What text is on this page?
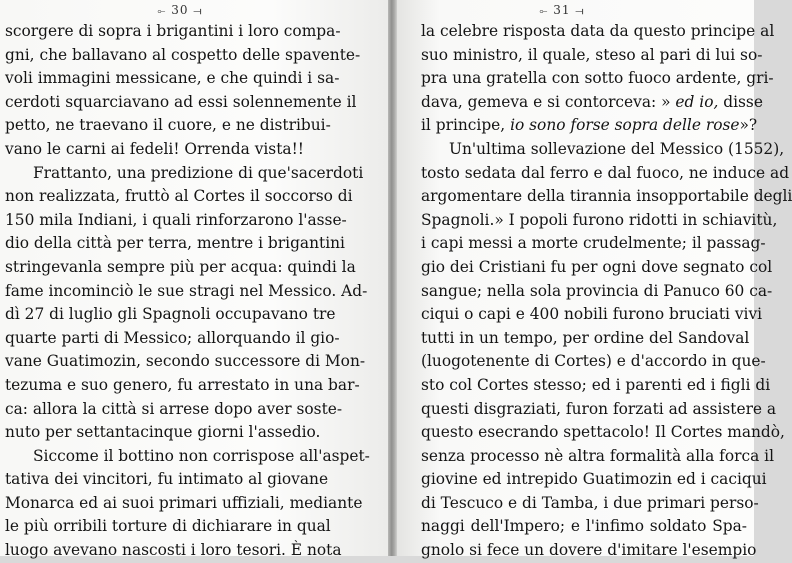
⟜ 30 ⟞
scorgere di sopra i brigantini i loro compa-
gni, che ballavano al cospetto delle spavente-
voli immagini messicane, e che quindi i sa-
cerdoti squarciavano ad essi solennemente il
petto, ne traevano il cuore, e ne distribui-
vano le carni ai fedeli! Orrenda vista!!
Frattanto, una predizione di que'sacerdoti
non realizzata, fruttò al Cortes il soccorso di
150 mila Indiani, i quali rinforzarono l'asse-
dio della città per terra, mentre i brigantini
stringevanla sempre più per acqua: quindi la
fame incominciò le sue stragi nel Messico. Ad-
dì 27 di luglio gli Spagnoli occupavano tre
quarte parti di Messico; allorquando il gio-
vane Guatimozin, secondo successore di Mon-
tezuma e suo genero, fu arrestato in una bar-
ca: allora la città si arrese dopo aver soste-
nuto per settantacinque giorni l'assedio.
Siccome il bottino non corrispose all'aspet-
tativa dei vincitori, fu intimato al giovane
Monarca ed ai suoi primari uffiziali, mediante
le più orribili torture di dichiarare in qual
luogo avevano nascosti i loro tesori. È nota
⟜ 31 ⟞
la celebre risposta data da questo principe al
suo ministro, il quale, steso al pari di lui so-
pra una gratella con sotto fuoco ardente, gri-
dava, gemeva e si contorceva: » ed io, disse
il principe, io sono forse sopra delle rose»?
Un'ultima sollevazione del Messico (1552),
tosto sedata dal ferro e dal fuoco, ne induce ad
argomentare della tirannia insopportabile degli
Spagnoli.» I popoli furono ridotti in schiavitù,
i capi messi a morte crudelmente; il passag-
gio dei Cristiani fu per ogni dove segnato col
sangue; nella sola provincia di Panuco 60 ca-
ciqui o capi e 400 nobili furono bruciati vivi
tutti in un tempo, per ordine del Sandoval
(luogotenente di Cortes) e d'accordo in que-
sto col Cortes stesso; ed i parenti ed i figli di
questi disgraziati, furon forzati ad assistere a
questo esecrando spettacolo! Il Cortes mandò,
senza processo nè altra formalità alla forca il
giovine ed intrepido Guatimozin ed i caciqui
di Tescuco e di Tamba, i due primari perso-
naggi dell'Impero; e l'infimo soldato Spa-
gnolo si fece un dovere d'imitare l'esempio
